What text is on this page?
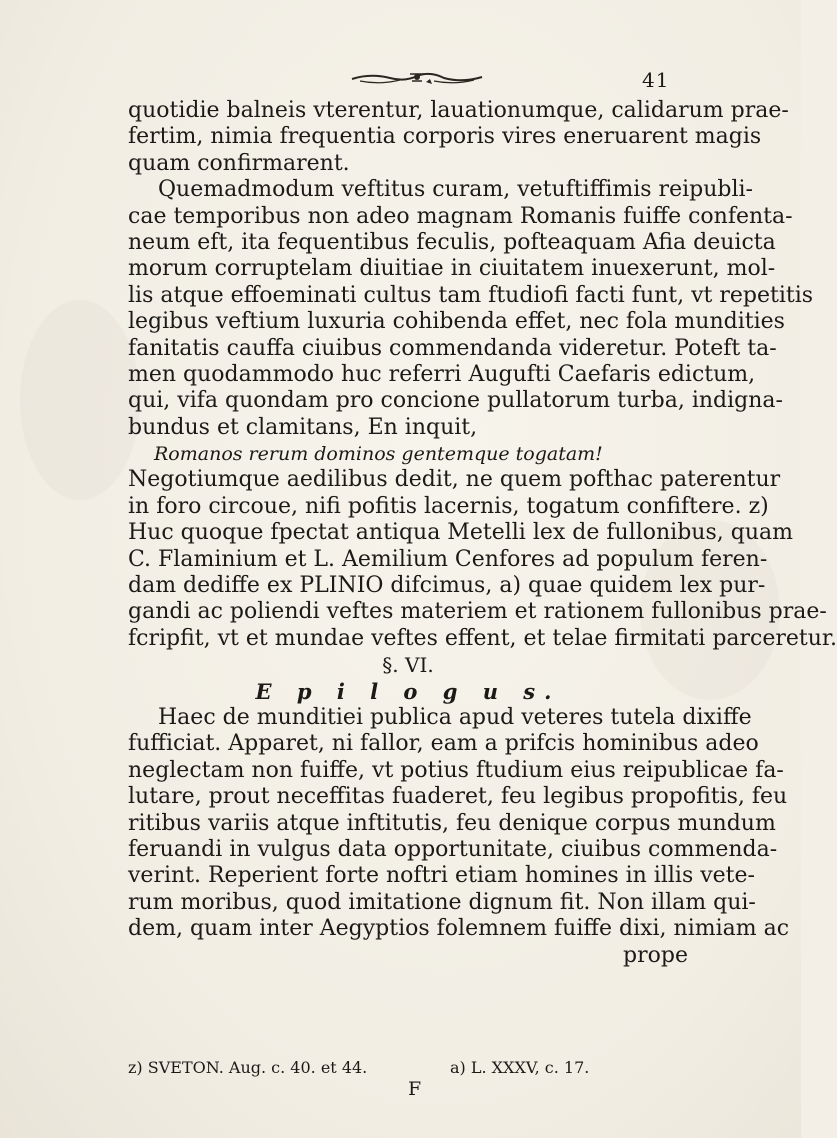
41
quotidie balneis vterentur, lauationumque, calidarum prae-
fertim, nimia frequentia corporis vires eneruarent magis
quam confirmarent.
Quemadmodum veftitus curam, vetuftiffimis reipubli-
cae temporibus non adeo magnam Romanis fuiffe confenta-
neum eft, ita fequentibus feculis, pofteaquam Afia deuicta
morum corruptelam diuitiae in ciuitatem inuexerunt, mol-
lis atque effoeminati cultus tam ftudiofi facti funt, vt repetitis
legibus veftium luxuria cohibenda effet, nec fola mundities
fanitatis cauffa ciuibus commendanda videretur. Poteft ta-
men quodammodo huc referri Augufti Caefaris edictum,
qui, vifa quondam pro concione pullatorum turba, indigna-
bundus et clamitans, En inquit,
Romanos rerum dominos gentemque togatam!
Negotiumque aedilibus dedit, ne quem pofthac paterentur
in foro circoue, nifi pofitis lacernis, togatum confiftere. z)
Huc quoque fpectat antiqua Metelli lex de fullonibus, quam
C. Flaminium et L. Aemilium Cenfores ad populum feren-
dam dediffe ex PLINIO difcimus, a) quae quidem lex pur-
gandi ac poliendi veftes materiem et rationem fullonibus prae-
fcripfit, vt et mundae veftes effent, et telae firmitati parceretur.
§. VI.
E p i l o g u s.
Haec de munditiei publica apud veteres tutela dixiffe
fufficiat. Apparet, ni fallor, eam a prifcis hominibus adeo
neglectam non fuiffe, vt potius ftudium eius reipublicae fa-
lutare, prout neceffitas fuaderet, feu legibus propofitis, feu
ritibus variis atque inftitutis, feu denique corpus mundum
feruandi in vulgus data opportunitate, ciuibus commenda-
verint. Reperient forte noftri etiam homines in illis vete-
rum moribus, quod imitatione dignum fit. Non illam qui-
dem, quam inter Aegyptios folemnem fuiffe dixi, nimiam ac
prope
z) SVETON. Aug. c. 40. et 44.	a) L. XXXV, c. 17.
F
